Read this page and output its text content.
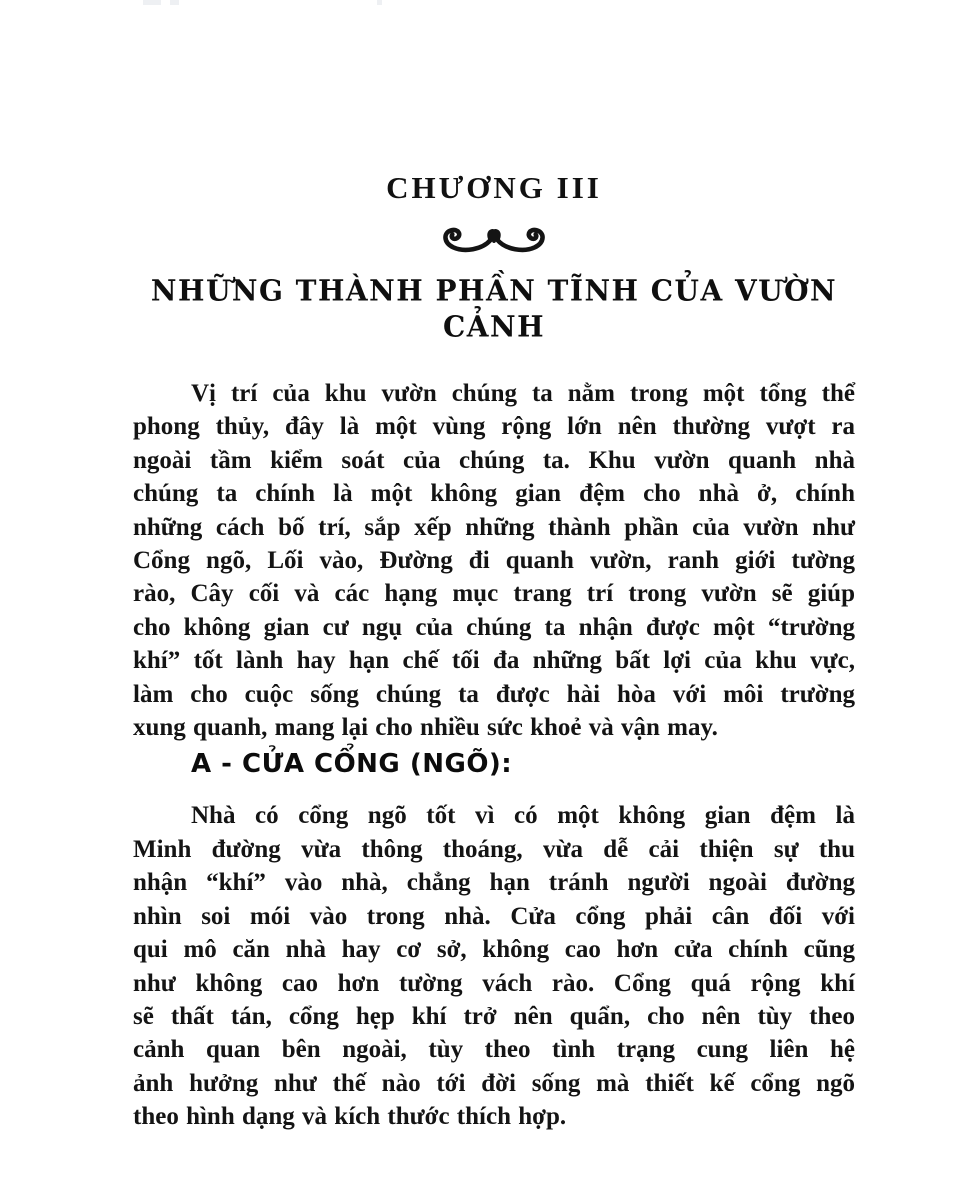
CHƯƠNG III
NHỮNG THÀNH PHẦN TĨNH CỦA VƯỜN CẢNH
Vị trí của khu vườn chúng ta nằm trong một tổng thể
phong thủy, đây là một vùng rộng lớn nên thường vượt ra
ngoài tầm kiểm soát của chúng ta. Khu vườn quanh nhà
chúng ta chính là một không gian đệm cho nhà ở, chính
những cách bố trí, sắp xếp những thành phần của vườn như
Cổng ngõ, Lối vào, Đường đi quanh vườn, ranh giới tường
rào, Cây cối và các hạng mục trang trí trong vườn sẽ giúp
cho không gian cư ngụ của chúng ta nhận được một “trường
khí” tốt lành hay hạn chế tối đa những bất lợi của khu vực,
làm cho cuộc sống chúng ta được hài hòa với môi trường
xung quanh, mang lại cho nhiều sức khoẻ và vận may.
A - CỬA CỔNG (NGÕ):
Nhà có cổng ngõ tốt vì có một không gian đệm là
Minh đường vừa thông thoáng, vừa dễ cải thiện sự thu
nhận “khí” vào nhà, chẳng hạn tránh người ngoài đường
nhìn soi mói vào trong nhà. Cửa cổng phải cân đối với
qui mô căn nhà hay cơ sở, không cao hơn cửa chính cũng
như không cao hơn tường vách rào. Cổng quá rộng khí
sẽ thất tán, cổng hẹp khí trở nên quẩn, cho nên tùy theo
cảnh quan bên ngoài, tùy theo tình trạng cung liên hệ
ảnh hưởng như thế nào tới đời sống mà thiết kế cổng ngõ
theo hình dạng và kích thước thích hợp.
